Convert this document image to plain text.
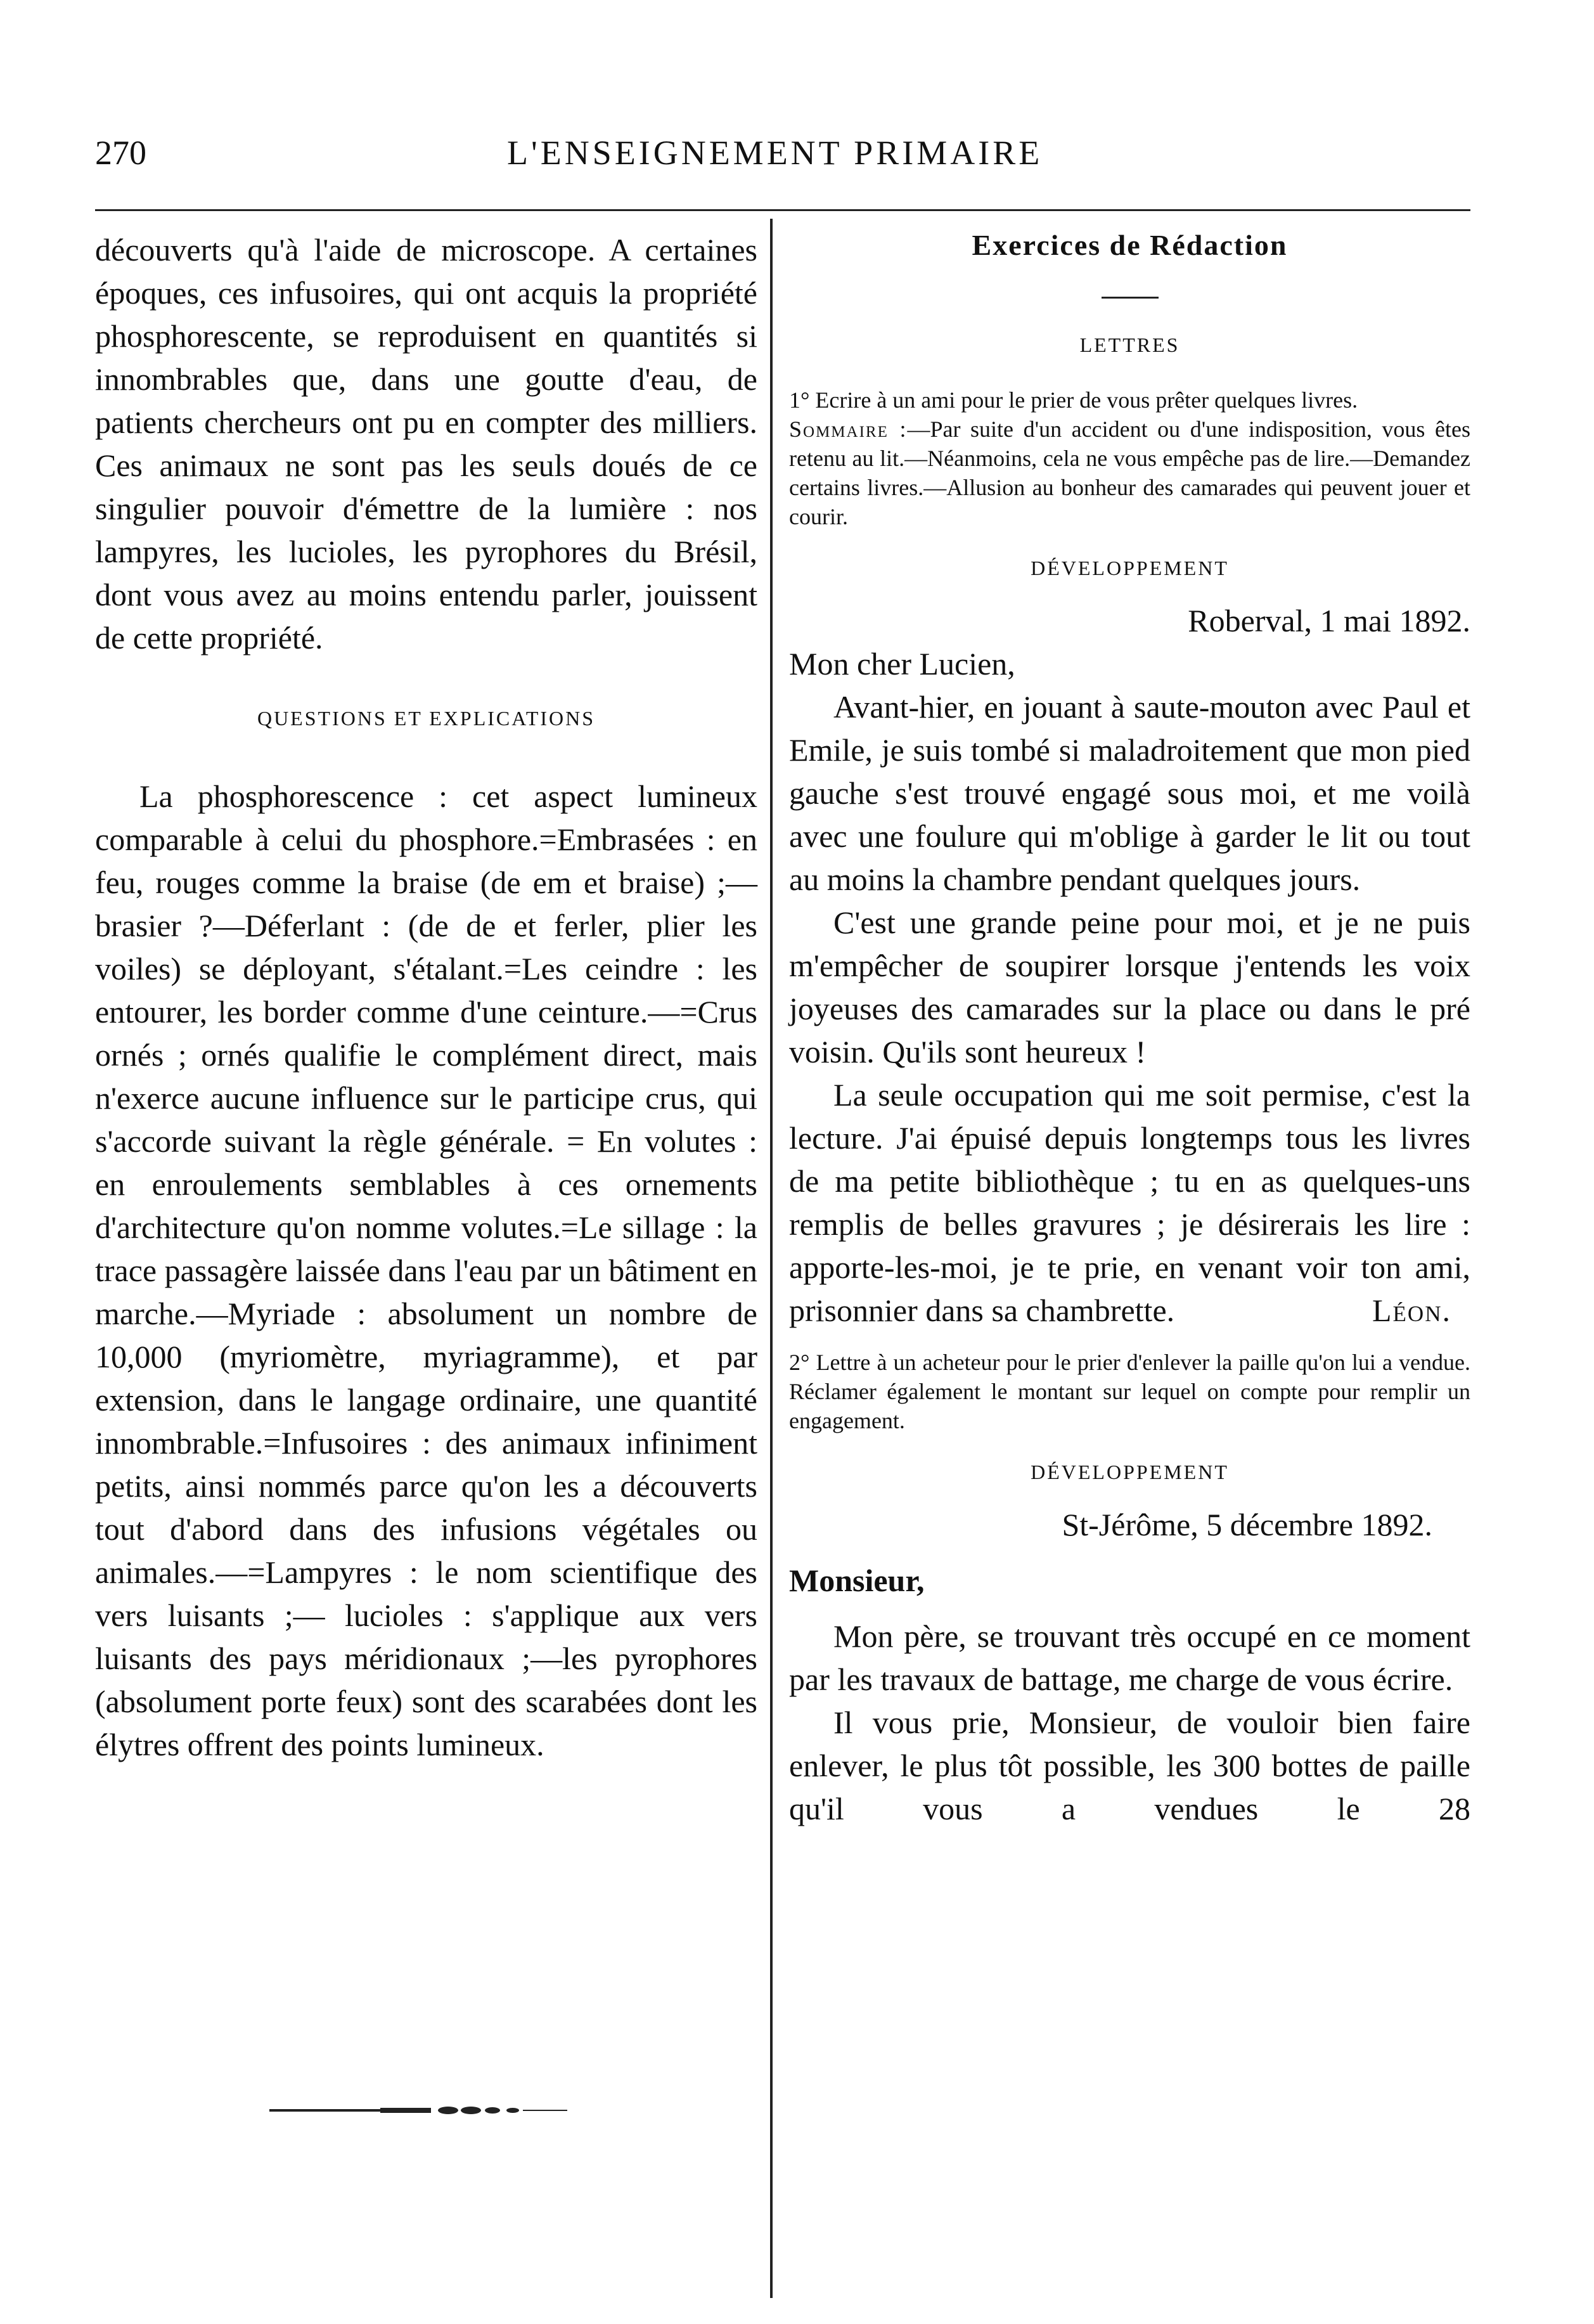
270	L'ENSEIGNEMENT PRIMAIRE

découverts qu'à l'aide de microscope. A certaines époques, ces infusoires, qui ont acquis la propriété phosphorescente, se reproduisent en quantités si innombrables que, dans une goutte d'eau, de patients chercheurs ont pu en compter des milliers. Ces animaux ne sont pas les seuls doués de ce singulier pouvoir d'émettre de la lumière : nos lampyres, les lucioles, les pyrophores du Brésil, dont vous avez au moins entendu parler, jouissent de cette propriété.

QUESTIONS ET EXPLICATIONS

La phosphorescence : cet aspect lumineux comparable à celui du phosphore.=Embrasées : en feu, rouges comme la braise (de em et braise) ;—brasier ?—Déferlant : (de de et ferler, plier les voiles) se déployant, s'étalant.=Les ceindre : les entourer, les border comme d'une ceinture.—=Crus ornés ; ornés qualifie le complément direct, mais n'exerce aucune influence sur le participe crus, qui s'accorde suivant la règle générale. = En volutes : en enroulements semblables à ces ornements d'architecture qu'on nomme volutes.=Le sillage : la trace passagère laissée dans l'eau par un bâtiment en marche.—Myriade : absolument un nombre de 10,000 (myriomètre, myriagramme), et par extension, dans le langage ordinaire, une quantité innombrable.=Infusoires : des animaux infiniment petits, ainsi nommés parce qu'on les a découverts tout d'abord dans des infusions végétales ou animales.—=Lampyres : le nom scientifique des vers luisants ;— lucioles : s'applique aux vers luisants des pays méridionaux ;—les pyrophores (absolument porte feux) sont des scarabées dont les élytres offrent des points lumineux.

Exercices de Rédaction

LETTRES

1° Ecrire à un ami pour le prier de vous prêter quelques livres.

Sommaire :—Par suite d'un accident ou d'une indisposition, vous êtes retenu au lit.—Néanmoins, cela ne vous empêche pas de lire.—Demandez certains livres.—Allusion au bonheur des camarades qui peuvent jouer et courir.

DÉVELOPPEMENT

Roberval, 1 mai 1892.

Mon cher Lucien,

Avant-hier, en jouant à saute-mouton avec Paul et Emile, je suis tombé si maladroitement que mon pied gauche s'est trouvé engagé sous moi, et me voilà avec une foulure qui m'oblige à garder le lit ou tout au moins la chambre pendant quelques jours.

C'est une grande peine pour moi, et je ne puis m'empêcher de soupirer lorsque j'entends les voix joyeuses des camarades sur la place ou dans le pré voisin. Qu'ils sont heureux !

La seule occupation qui me soit permise, c'est la lecture. J'ai épuisé depuis longtemps tous les livres de ma petite bibliothèque ; tu en as quelques-uns remplis de belles gravures ; je désirerais les lire : apporte-les-moi, je te prie, en venant voir ton ami, prisonnier dans sa chambrette.	Léon.

2° Lettre à un acheteur pour le prier d'enlever la paille qu'on lui a vendue. Réclamer également le montant sur lequel on compte pour remplir un engagement.

DÉVELOPPEMENT

St-Jérôme, 5 décembre 1892.

Monsieur,

Mon père, se trouvant très occupé en ce moment par les travaux de battage, me charge de vous écrire.

Il vous prie, Monsieur, de vouloir bien faire enlever, le plus tôt possible, les 300 bottes de paille qu'il vous a vendues le 28
